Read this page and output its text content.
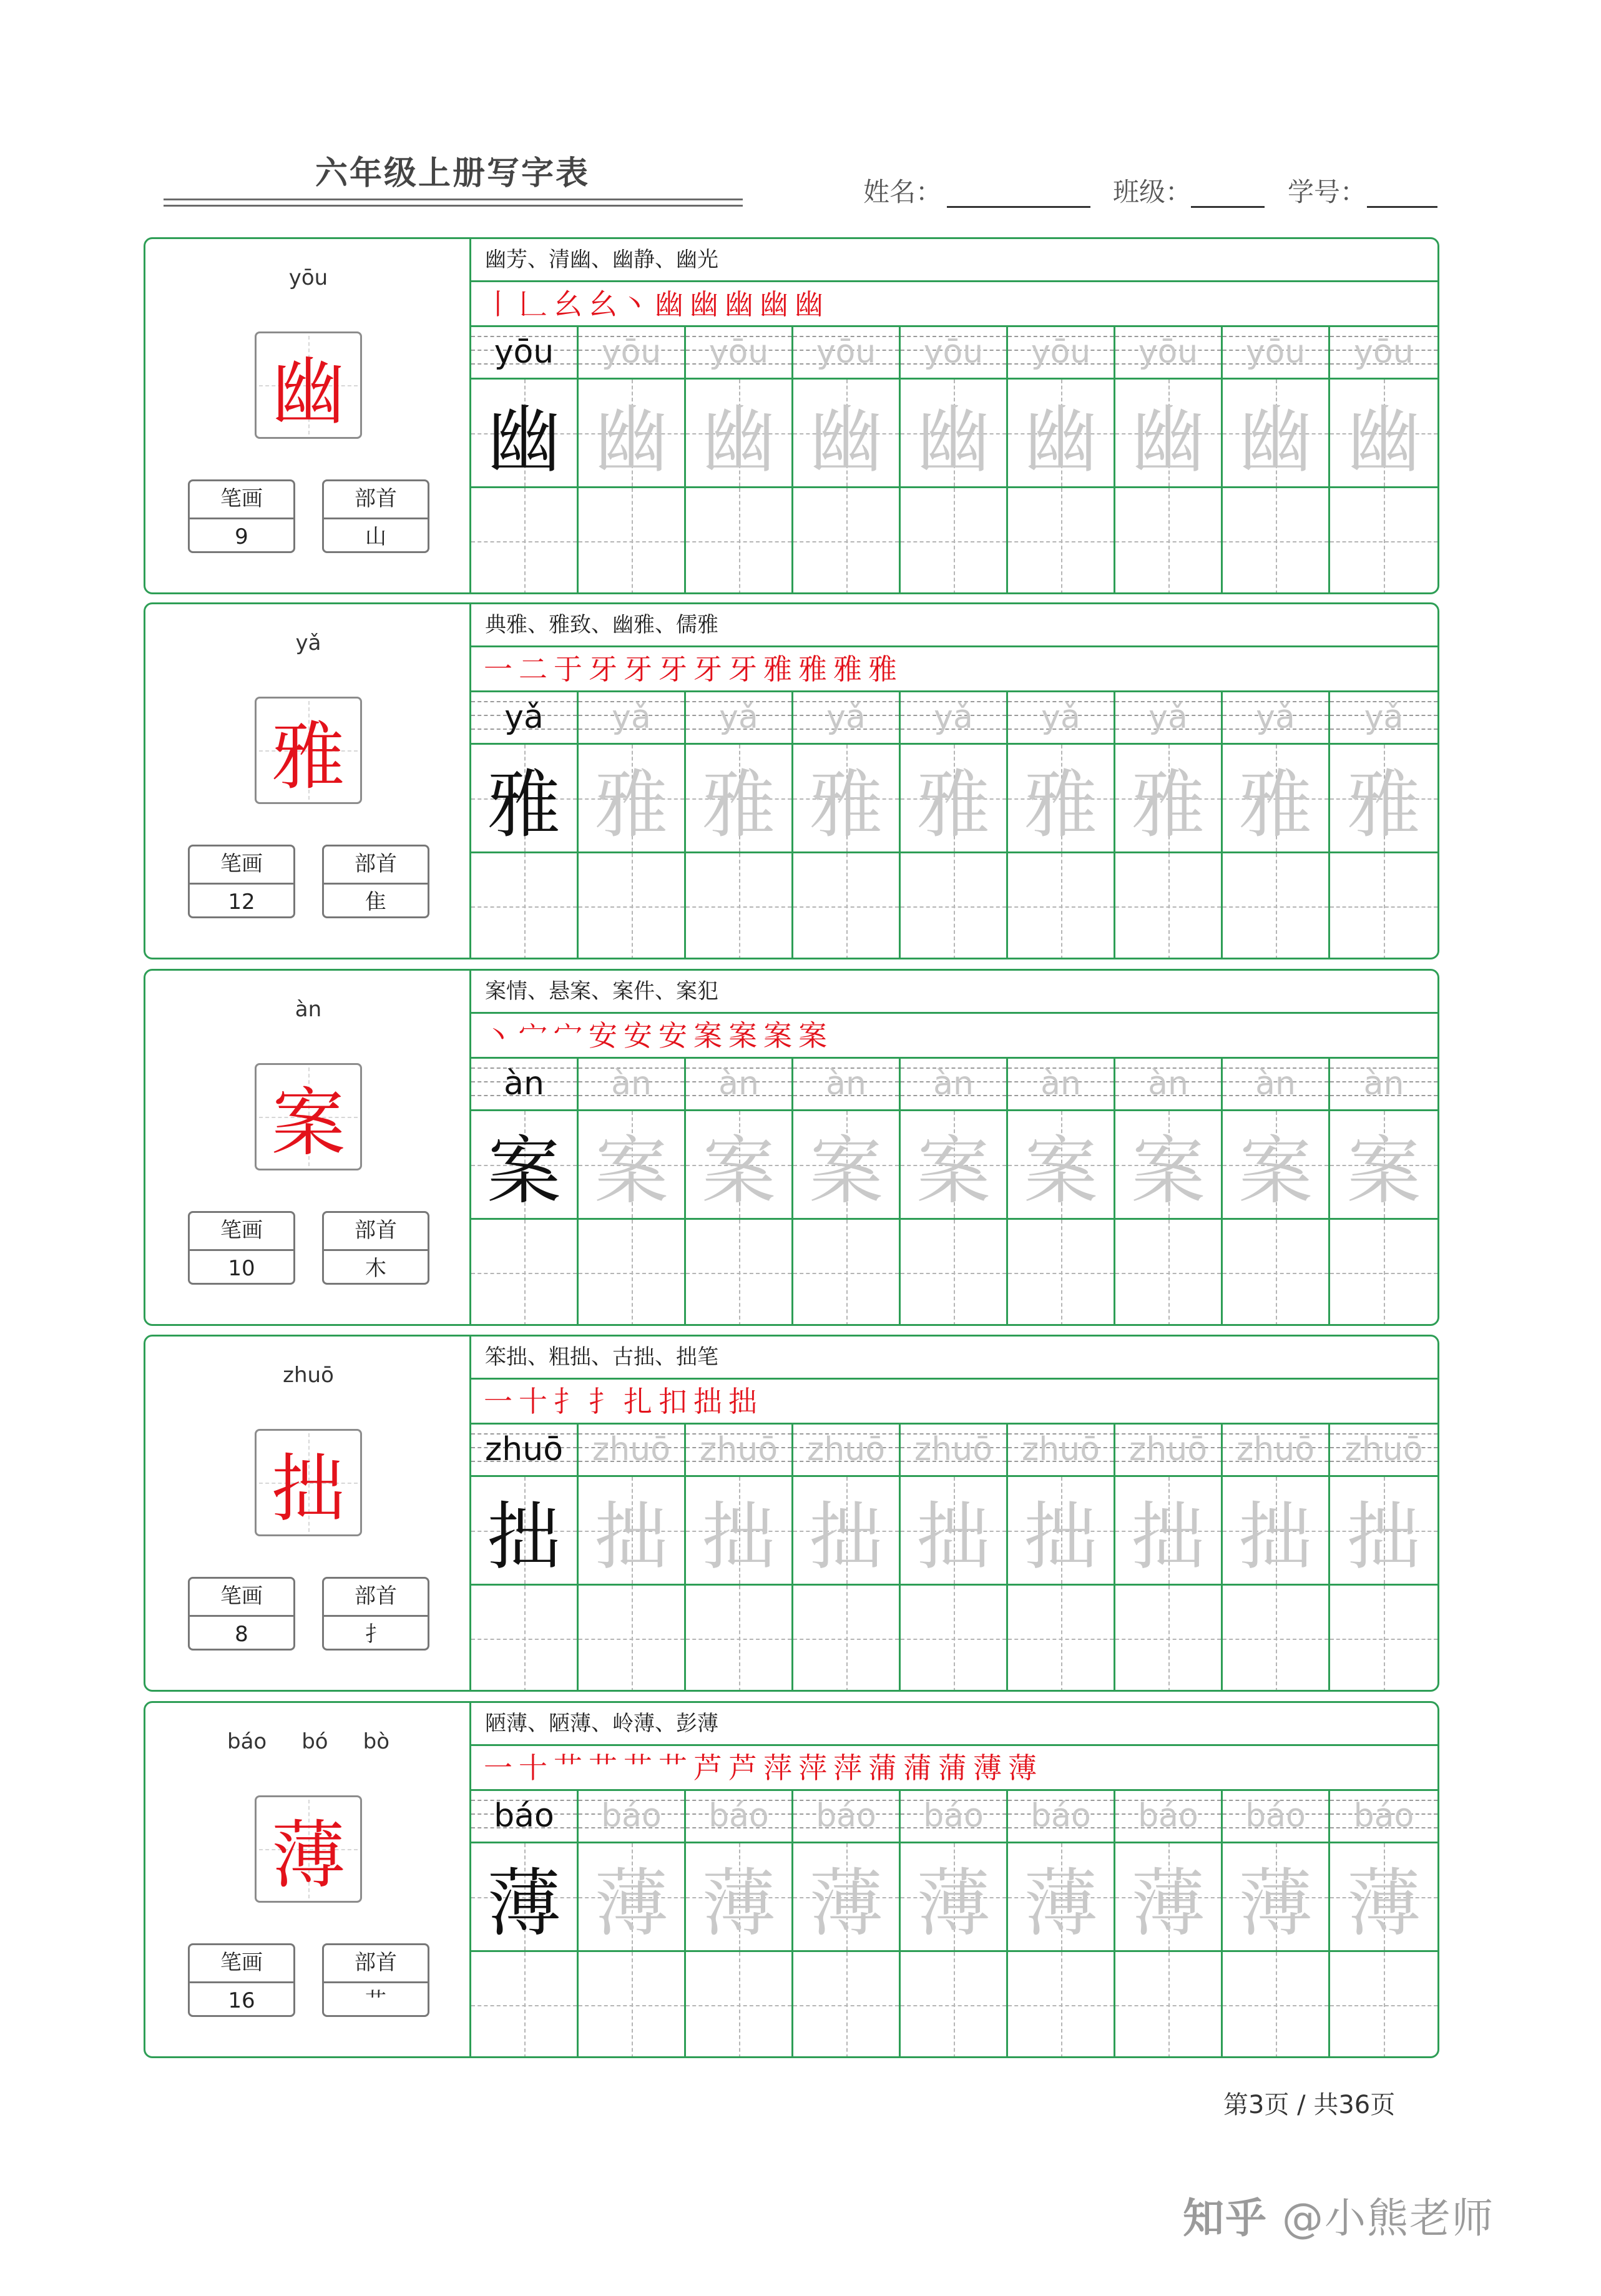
六年级上册写字表	姓名：	班级：	学号：
yōu
幽
笔画
9
部首
山
幽芳、清幽、幽静、幽光
丨 𠃊 幺 幺丶 幽 幽 幽 幽 幽
yōu	yōu	yōu	yōu	yōu	yōu	yōu	yōu	yōu
幽 幽 幽 幽 幽 幽 幽 幽 幽
yǎ
雅
笔画
12
部首
隹
典雅、雅致、幽雅、儒雅
一 二 于 牙 牙 牙 牙 牙 雅 雅 雅 雅
yǎ	yǎ	yǎ	yǎ	yǎ	yǎ	yǎ	yǎ	yǎ
雅 雅 雅 雅 雅 雅 雅 雅 雅
àn
案
笔画
10
部首
木
案情、悬案、案件、案犯
丶 宀 宀 安 安 安 案 案 案 案
àn	àn	àn	àn	àn	àn	àn	àn	àn
案 案 案 案 案 案 案 案 案
zhuō
拙
笔画
8
部首
扌
笨拙、粗拙、古拙、拙笔
一 十 扌 扌 扎 扣 拙 拙
zhuō zhuō zhuō zhuō zhuō zhuō zhuō zhuō zhuō
拙 拙 拙 拙 拙 拙 拙 拙 拙
báo bó bò
薄
笔画
16
部首
艹
陋薄、陋薄、岭薄、彭薄
一 十 艹 艹 艹 艹 芦 芦 萍 萍 萍 蒲 蒲 蒲 薄 薄
báo	báo	báo	báo	báo	báo	báo	báo	báo
薄 薄 薄 薄 薄 薄 薄 薄 薄
第3页 / 共36页
知乎 @小熊老师
